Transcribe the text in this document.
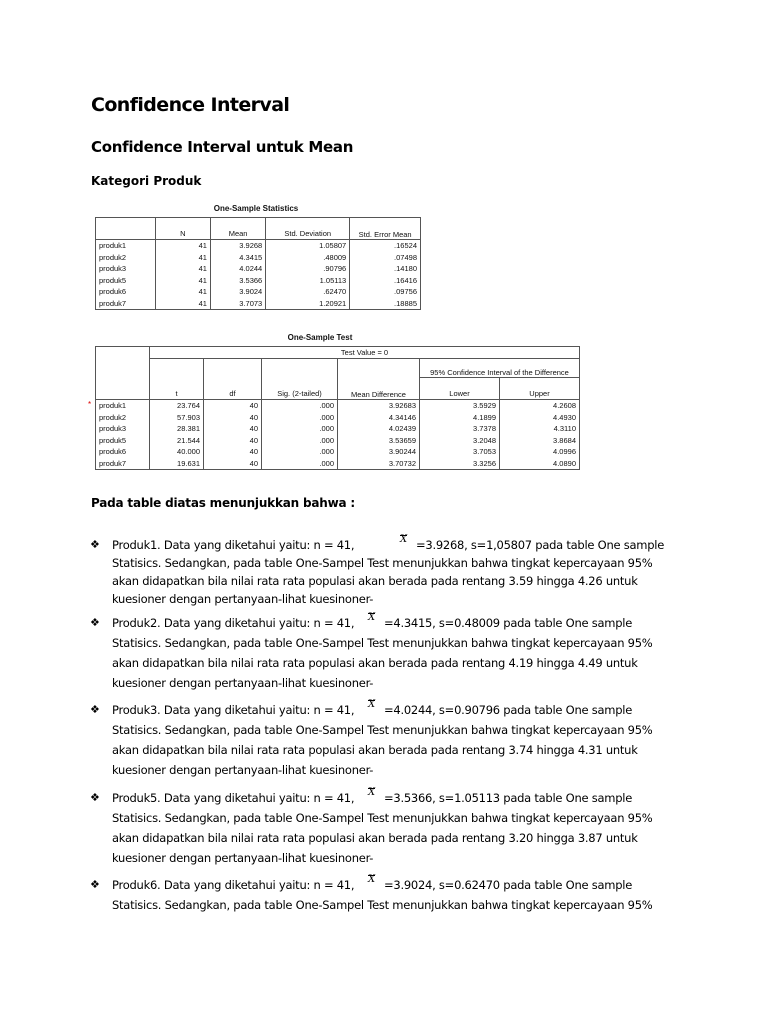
Confidence Interval
Confidence Interval untuk Mean
Kategori Produk
One-Sample Statistics
	N	Mean	Std. Deviation	Std. Error Mean
produk1	41	3.9268	1.05807	.16524
produk2	41	4.3415	.48009	.07498
produk3	41	4.0244	.90796	.14180
produk5	41	3.5366	1.05113	.16416
produk6	41	3.9024	.62470	.09756
produk7	41	3.7073	1.20921	.18885
One-Sample Test
	Test Value = 0					
					95% Confidence Interval of the Difference	
	t	df	Sig. (2-tailed)	Mean Difference	Lower	Upper
produk1	23.764	40	.000	3.92683	3.5929	4.2608
produk2	57.903	40	.000	4.34146	4.1899	4.4930
produk3	28.381	40	.000	4.02439	3.7378	4.3110
produk5	21.544	40	.000	3.53659	3.2048	3.8684
produk6	40.000	40	.000	3.90244	3.7053	4.0996
produk7	19.631	40	.000	3.70732	3.3256	4.0890
*
Pada table diatas menunjukkan bahwa :
❖ Produk1. Data yang diketahui yaitu: n = 41,	X =3.9268, s=1,05807 pada table One sample
Statisics. Sedangkan, pada table One-Sampel Test menunjukkan bahwa tingkat kepercayaan 95%
akan didapatkan bila nilai rata rata populasi akan berada pada rentang 3.59 hingga 4.26 untuk
kuesioner dengan pertanyaan-lihat kuesinoner-
❖ Produk2. Data yang diketahui yaitu: n = 41, X =4.3415, s=0.48009 pada table One sample
Statisics. Sedangkan, pada table One-Sampel Test menunjukkan bahwa tingkat kepercayaan 95%
akan didapatkan bila nilai rata rata populasi akan berada pada rentang 4.19 hingga 4.49 untuk
kuesioner dengan pertanyaan-lihat kuesinoner-
❖ Produk3. Data yang diketahui yaitu: n = 41, X =4.0244, s=0.90796 pada table One sample
Statisics. Sedangkan, pada table One-Sampel Test menunjukkan bahwa tingkat kepercayaan 95%
akan didapatkan bila nilai rata rata populasi akan berada pada rentang 3.74 hingga 4.31 untuk
kuesioner dengan pertanyaan-lihat kuesinoner-
❖ Produk5. Data yang diketahui yaitu: n = 41, X =3.5366, s=1.05113 pada table One sample
Statisics. Sedangkan, pada table One-Sampel Test menunjukkan bahwa tingkat kepercayaan 95%
akan didapatkan bila nilai rata rata populasi akan berada pada rentang 3.20 hingga 3.87 untuk
kuesioner dengan pertanyaan-lihat kuesinoner-
❖ Produk6. Data yang diketahui yaitu: n = 41, X =3.9024, s=0.62470 pada table One sample
Statisics. Sedangkan, pada table One-Sampel Test menunjukkan bahwa tingkat kepercayaan 95%
